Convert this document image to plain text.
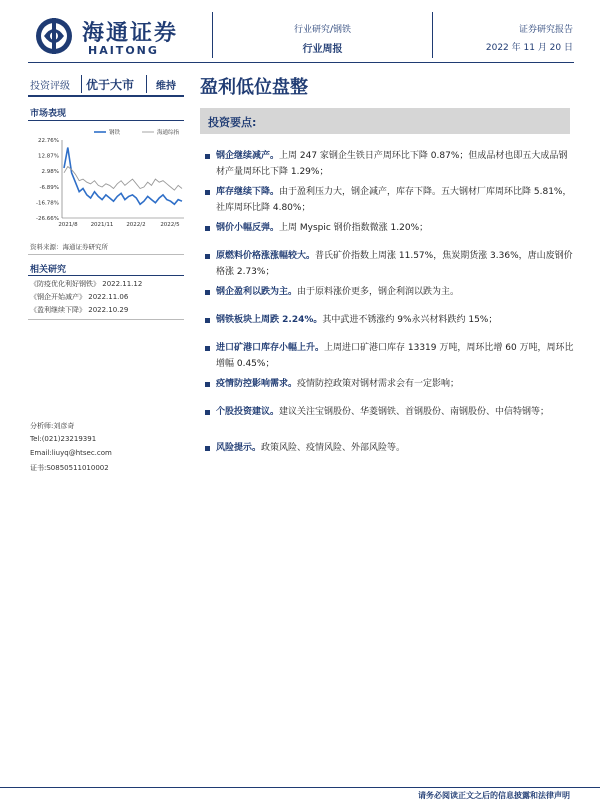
海通证券
HAITONG
行业研究/钢铁
行业周报
证券研究报告
2022 年 11 月 20 日
投资评级 优于大市 维持 盈利低位盘整
市场表现
22.76%
12.87%
2.98%
-6.89%
-16.78%
-26.66%
2021/8 2021/11 2022/2	2022/5
钢铁	海通综指
资料来源：海通证券研究所
相关研究
《防疫优化利好钢铁》 2022.11.12
《钢企开始减产》 2022.11.06
《盈利继续下降》 2022.10.29
分析师:刘彦奇
Tel:(021)23219391
Email:liuyq@htsec.com
证书:S0850511010002
投资要点:
钢企继续减产。上周 247 家钢企生铁日产周环比下降 0.87%；但成品材也即五大成品钢材产量周环比下降 1.29%；
库存继续下降。由于盈利压力大，钢企减产，库存下降。五大钢材厂库周环比降 5.81%，社库周环比降 4.80%；
钢价小幅反弹。上周 Myspic 钢价指数微涨 1.20%；
原燃料价格涨涨幅较大。普氏矿价指数上周涨 11.57%，焦炭期货涨 3.36%，唐山废钢价格涨 2.73%；
钢企盈利以跌为主。由于原料涨价更多，钢企利润以跌为主。
钢铁板块上周跌 2.24%。其中武进不锈涨约 9%永兴材料跌约 15%；
进口矿港口库存小幅上升。上周进口矿港口库存 13319 万吨，周环比增 60 万吨，周环比增幅 0.45%；
疫情防控影响需求。疫情防控政策对钢材需求会有一定影响；
个股投资建议。建议关注宝钢股份、华菱钢铁、首钢股份、南钢股份、中信特钢等；
风险提示。政策风险、疫情风险、外部风险等。
请务必阅读正文之后的信息披露和法律声明
